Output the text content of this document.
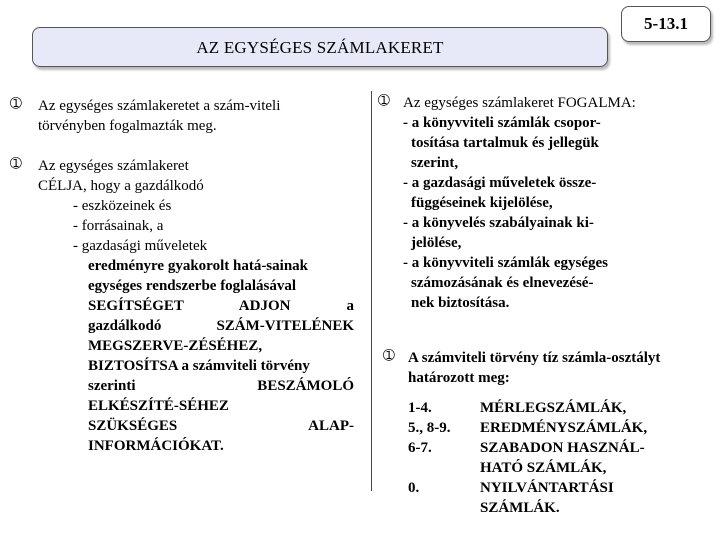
AZ EGYSÉGES SZÁMLAKERET
5-13.1
➀ Az egységes számlakeretet a szám-viteli
törvényben fogalmazták meg.
➀ Az egységes számlakeret
CÉLJA, hogy a gazdálkodó
- eszközeinek és
- forrásainak, a
- gazdasági műveletek
eredményre gyakorolt hatá-sainak
egységes rendszerbe foglalásával
SEGÍTSÉGET ADJON a
gazdálkodó SZÁM-VITELÉNEK
MEGSZERVE-ZÉSÉHEZ,
BIZTOSÍTSA a számviteli törvény
szerinti BESZÁMOLÓ
ELKÉSZÍTÉ-SÉHEZ
SZÜKSÉGES ALAP-
INFORMÁCIÓKAT.
➀ Az egységes számlakeret FOGALMA:
- a könyvviteli számlák csopor-
tosítása tartalmuk és jellegük
szerint,
- a gazdasági műveletek össze-
függéseinek kijelölése,
- a könyvelés szabályainak ki-
jelölése,
- a könyvviteli számlák egységes
számozásának és elnevezésé-
nek biztosítása.
➀ A számviteli törvény tíz számla-osztályt
határozott meg:
1-4.	MÉRLEGSZÁMLÁK,
5., 8-9. EREDMÉNYSZÁMLÁK,
6-7.	SZABADON HASZNÁL-
HATÓ SZÁMLÁK,
0.	NYILVÁNTARTÁSI
SZÁMLÁK.
